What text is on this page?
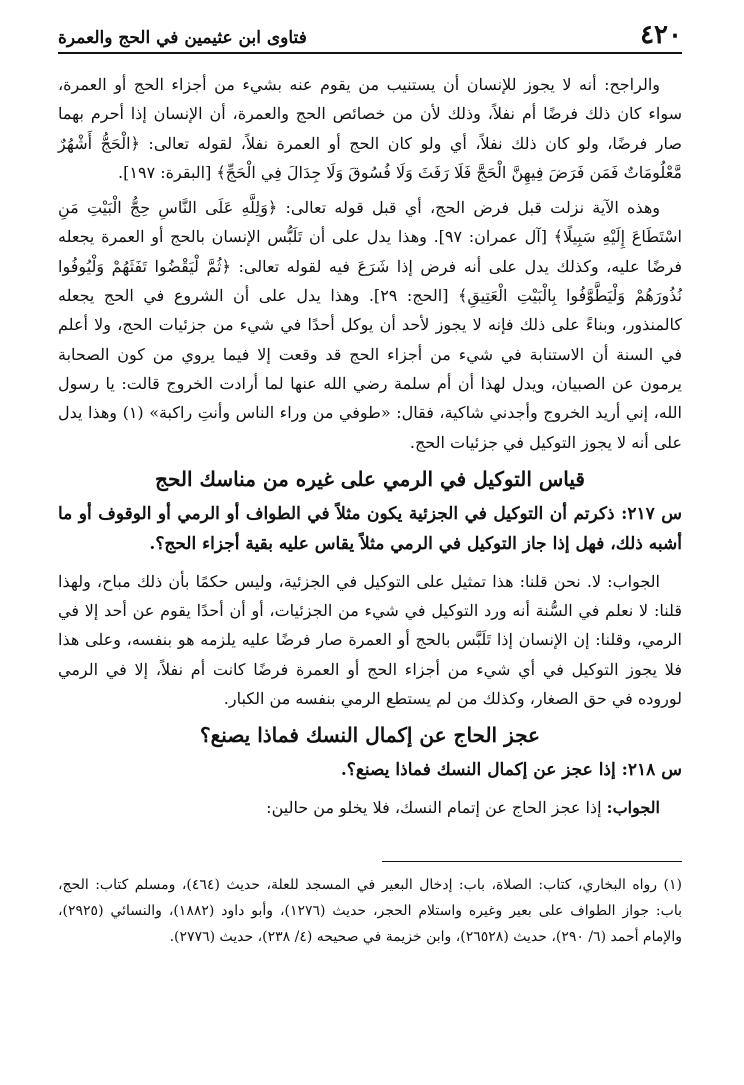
٤٢٠
فتاوى ابن عثيمين في الحج والعمرة

والراجح: أنه لا يجوز للإنسان أن يستنيب من يقوم عنه بشيء من أجزاء الحج أو العمرة، سواء كان ذلك فرضًا أم نفلاً، وذلك لأن من خصائص الحج والعمرة، أن الإنسان إذا أحرم بهما صار فرضًا، ولو كان ذلك نفلاً، أي ولو كان الحج أو العمرة نفلاً، لقوله تعالى: ﴿الْحَجُّ أَشْهُرٌ مَّعْلُومَاتٌ فَمَن فَرَضَ فِيهِنَّ الْحَجَّ فَلَا رَفَثَ وَلَا فُسُوقَ وَلَا جِدَالَ فِي الْحَجِّ﴾ [البقرة: ١٩٧].

وهذه الآية نزلت قبل فرض الحج، أي قبل قوله تعالى: ﴿وَلِلَّهِ عَلَى النَّاسِ حِجُّ الْبَيْتِ مَنِ اسْتَطَاعَ إِلَيْهِ سَبِيلًا﴾ [آل عمران: ٩٧]. وهذا يدل على أن تَلَبُّس الإنسان بالحج أو العمرة يجعله فرضًا عليه، وكذلك يدل على أنه فرض إذا شَرَعَ فيه لقوله تعالى: ﴿ثُمَّ لْيَقْضُوا تَفَثَهُمْ وَلْيُوفُوا نُذُورَهُمْ وَلْيَطَّوَّفُوا بِالْبَيْتِ الْعَتِيقِ﴾ [الحج: ٢٩]. وهذا يدل على أن الشروع في الحج يجعله كالمنذور، وبناءً على ذلك فإنه لا يجوز لأحد أن يوكل أحدًا في شيء من جزئيات الحج، ولا أعلم في السنة أن الاستنابة في شيء من أجزاء الحج قد وقعت إلا فيما يروي من كون الصحابة يرمون عن الصبيان، ويدل لهذا أن أم سلمة رضي الله عنها لما أرادت الخروج قالت: يا رسول الله، إني أريد الخروج وأجدني شاكية، فقال: «طوفي من وراء الناس وأنتِ راكبة» (١) وهذا يدل على أنه لا يجوز التوكيل في جزئيات الحج.

قياس التوكيل في الرمي على غيره من مناسك الحج

س ٢١٧: ذكرتم أن التوكيل في الجزئية يكون مثلاً في الطواف أو الرمي أو الوقوف أو ما أشبه ذلك، فهل إذا جاز التوكيل في الرمي مثلاً يقاس عليه بقية أجزاء الحج؟.

الجواب: لا. نحن قلنا: هذا تمثيل على التوكيل في الجزئية، وليس حكمًا بأن ذلك مباح، ولهذا قلنا: لا نعلم في السُّنة أنه ورد التوكيل في شيء من الجزئيات، أو أن أحدًا يقوم عن أحد إلا في الرمي، وقلنا: إن الإنسان إذا تَلَبَّس بالحج أو العمرة صار فرضًا عليه يلزمه هو بنفسه، وعلى هذا فلا يجوز التوكيل في أي شيء من أجزاء الحج أو العمرة فرضًا كانت أم نفلاً، إلا في الرمي لوروده في حق الصغار، وكذلك من لم يستطع الرمي بنفسه من الكبار.

عجز الحاج عن إكمال النسك فماذا يصنع؟

س ٢١٨: إذا عجز عن إكمال النسك فماذا يصنع؟.

الجواب: إذا عجز الحاج عن إتمام النسك، فلا يخلو من حالين:

(١) رواه البخاري، كتاب: الصلاة، باب: إدخال البعير في المسجد للعلة، حديث (٤٦٤)، ومسلم كتاب: الحج، باب: جواز الطواف على بعير وغيره واستلام الحجر، حديث (١٢٧٦)، وأبو داود (١٨٨٢)، والنسائي (٢٩٢٥)، والإمام أحمد (٦/ ٢٩٠)، حديث (٢٦٥٢٨)، وابن خزيمة في صحيحه (٤/ ٢٣٨)، حديث (٢٧٧٦).
